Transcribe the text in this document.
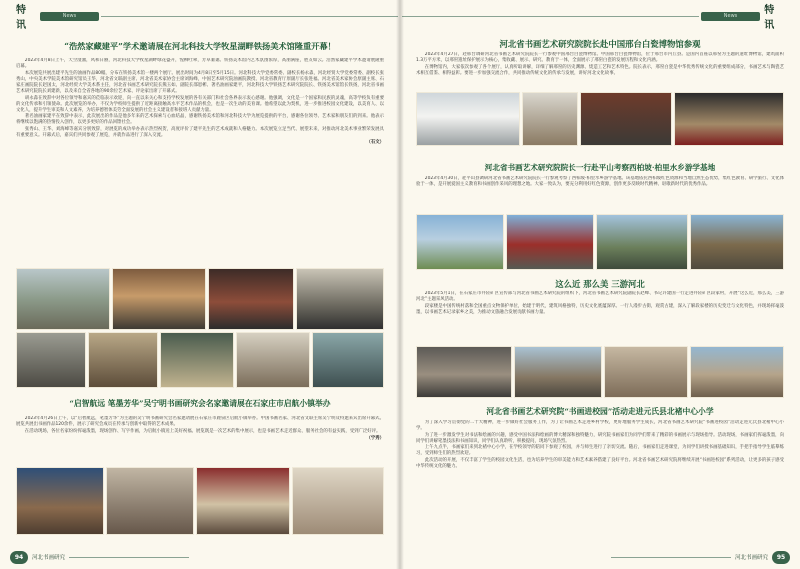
特讯
News
“浩然家藏建平”学术邀请展在河北科技大学牧星湖畔铁扬美术馆隆重开幕！

2023年4月8日上午，天空澄澈，风和日丽，河北科技大学牧星湖畔绿花盛开，惺柳吐翠，芳草萋萋。铁扬美术馆内艺术氛围浓厚，高朋满座，胜友如云。浩然家藏建平学术邀请展隆重启幕。

本次展览共展出建平先生的油画作品80幅，分布在铁扬美术馆一楼两个展厅。展出时间为4月8日至5月15日。河北科技大学党委常委、副校长杨永淼，河北经贸大学党委常委、副校长张秀山，中央美术学院美术馆研究馆员王华，河北省文联副主席、河北省美术家协会主席刘海峰，中国艺术研究院油画院教授、河北省教育厅原副厅长张进福。河北省美术家协会原副主席、石家庄画院院长赵国太，河北经贸大学美术系主任，河北省书画艺术研究院长熊玉如、副院长邵恩彬、著名油画家建平，河北科技大学铁扬艺术研究院院长、铁扬美术馆馆长铁扬，河北省书画艺术研究院院长刘建新，以及来自全省各地的90余位艺术家、评论家出席了开幕式。

胡永淼在致辞中对各位领导和嘉宾的莅临表示欢迎，向一直以来关心和支持学校发展的各有关部门和社会各界表示衷心感谢。他强调，文化是一个国家和民族的灵魂，高等学校负有重要的文化传承和引领使命。此次展览的举办，不仅为学校师生提供了近距离接触高水平艺术作品的机会，也是一次生动的美育课。他希望以此为契机，进一步推进校园文化建设，以美育人、以文化人，提升学生审美和人文素养，为培养德智体美劳全面发展的社会主义建设者和接班人贡献力量。

著名油画家建平在致辞中表示，此次展出的作品是他多年来的艺术探索与心血结晶，感谢铁扬美术馆和河北科技大学为展览提供的平台，感谢各位领导、艺术家和朋友们的到来。他表示将继续以饱满的热情投入创作，以更多更好的作品回馈社会。

张秀山、王华、刘海峰等嘉宾分别致辞，对展览的成功举办表示热烈祝贺，高度评价了建平先生的艺术成就和人格魅力。本次展览立足当代、展望未来，对推动河北美术事业繁荣发展具有重要意义。开幕式后，嘉宾们共同参观了展览，并就作品进行了深入交流。

（石文）
“启智航远 笔墨芳华”吴宁明书画研究会名家邀请展在石家庄市启航小镇举办

2023年4月26日上午，以“启智航远，笔墨芳华”为主题的吴宁明书画研究会名家邀请展在石家庄市鹿泉区启航小镇举办。中国书画名家、河北省文联主席吴宁明及特邀来宾出席开幕式。展览共展出书画作品120余件，展示了研究会成员在传承与创新中取得的艺术成果。

在活动现场，各位名家纷纷挥毫泼墨，现场创作、写字作画，为启航小镇送上美好祝福。展览既是一次艺术的集中展示，也是书画艺术走近群众、服务社会的有益实践，受到广泛好评。

（宁秀）
94	河北书画研究
特讯
News
河北省书画艺术研究院院长赴中国邢台白瓷博物馆参观

2023年4月27日，赴邢台调研河北省书画艺术研究院院长一行参观中国邢台白瓷博物馆。中国邢台白瓷博物馆，位于邢台市内丘县。是国内首座以邢窑为主题的遗址博物馆，建筑面积1.3万平方米，以邢窑遗址保护展示为核心，集收藏、展示、研究、教育于一体，全面展示了邢窑白瓷的发展历程和文化内涵。

在博物馆内，大家依次参观了各个展厅，认真听取讲解，详细了解邢窑的历史渊源、烧造工艺和艺术特色。院长表示，邢窑白瓷是中华优秀传统文化的重要组成部分，书画艺术与陶瓷艺术相互借鉴、相得益彰。要进一步加强交流合作，共同推动传统文化的传承与发展，讲好河北文化故事。

河北省书画艺术研究院院长一行赴平山考察西柏坡·柏里水乡游学基地

2023年4月30日，赴平山县调研河北省书画艺术研究院院长一行参观考察了西柏坡·柏里水乡游学基地。该基地依托西柏坡红色资源和当地自然生态优势，集红色教育、研学旅行、文化体验于一体，是开展爱国主义教育和书画创作采风的理想之地。大家一致认为，要充分利用好红色资源，创作更多反映时代精神、讴歌新时代的优秀作品。

这么近 那么美 三游河北

2023年5月1日，在石家庄市井陉矿区宣传部与河北省书画艺术研究院的组织下，河北省书画艺术研究院副院长赵峰、书记许建国一行走进井陉矿区段家村，开展“这么近，那么美，三游河北”主题采风活动。

段家楼是中国传统村落和全国重点文物保护单位，始建于明代，建筑风格独特，历史文化底蕴深厚。一行人漫步古街，观赏古建，深入了解段家楼的历史变迁与文化特色，并现场挥毫泼墨，以书画艺术记录家乡之美，为推动文旅融合发展贡献书画力量。

河北省书画艺术研究院“书画进校园”活动走进元氏县北褚中心小学

为了深入学习贯彻党的二十大精神，进一步做好社会服务工作，为了让书画艺术走进乡村学校，更好地服务学生成长，河北省书画艺术研究院“书画进校园”活动走进元氏县北褚中心小学。

为了进一步激发学生对书法和绘画的兴趣，感受中国书法和绘画的博大精深和独特魅力，研究院书画家们为同学们带来了精彩的书画展示与现场指导。活动现场，书画家们挥毫泼墨，向同学们讲解笔墨技法和书画知识，同学们认真聆听，积极提问，现场气氛热烈。

上午九点半，书画家们来到北褚中心小学，在学校领导的陪同下参观了校园，并与师生进行了亲切交流。随后，书画家们走进课堂，为同学们讲授书画基础知识，手把手指导学生临摹练习，受到师生们的热烈欢迎。

此次活动的开展，不仅丰富了学生的校园文化生活，也为培养学生的审美能力和艺术素养搭建了良好平台。河北省书画艺术研究院将继续开展“书画进校园”系列活动，让更多的孩子感受中华传统文化的魅力。

95
河北书画研究
